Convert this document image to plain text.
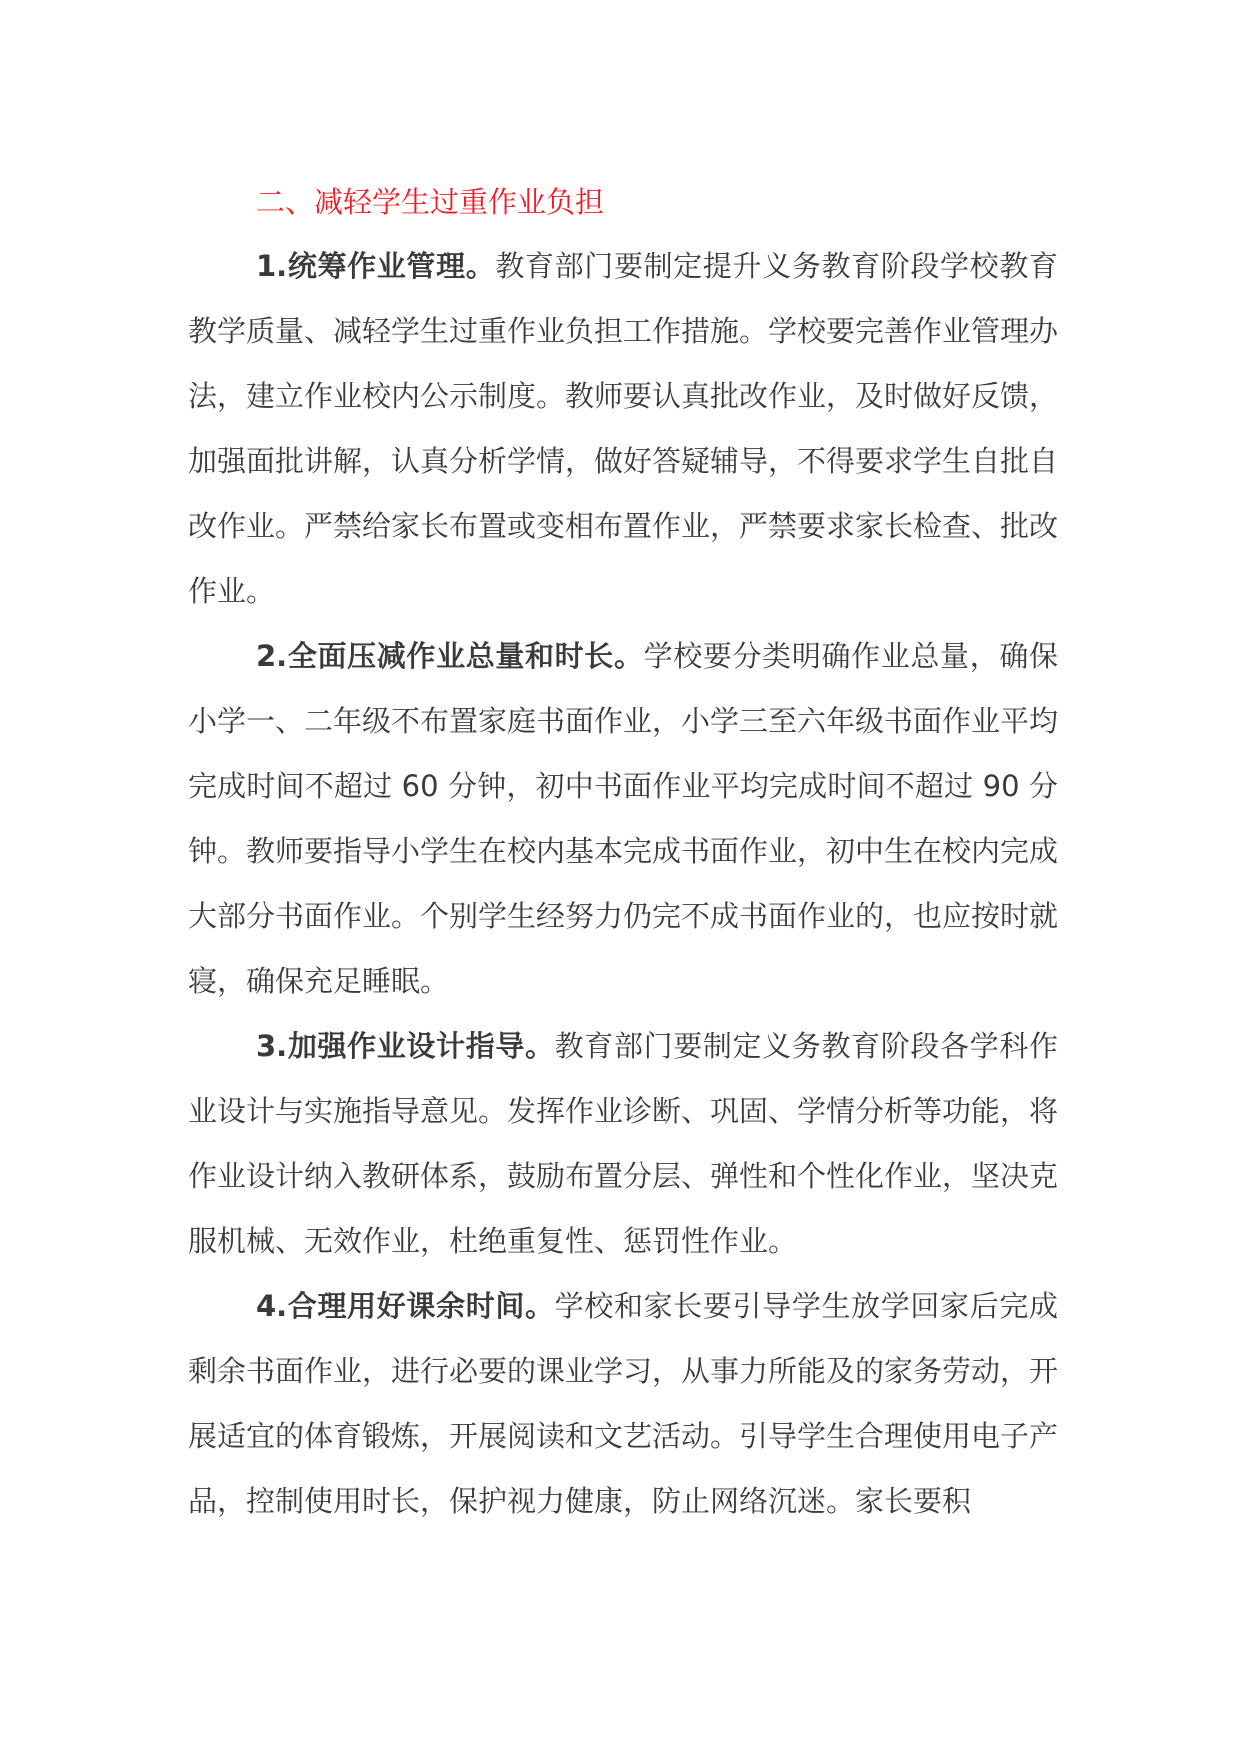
二、减轻学生过重作业负担

1.统筹作业管理。教育部门要制定提升义务教育阶段学校教育教学质量、减轻学生过重作业负担工作措施。学校要完善作业管理办法，建立作业校内公示制度。教师要认真批改作业，及时做好反馈，加强面批讲解，认真分析学情，做好答疑辅导，不得要求学生自批自改作业。严禁给家长布置或变相布置作业，严禁要求家长检查、批改作业。

2.全面压减作业总量和时长。学校要分类明确作业总量，确保小学一、二年级不布置家庭书面作业，小学三至六年级书面作业平均完成时间不超过 60 分钟，初中书面作业平均完成时间不超过 90 分钟。教师要指导小学生在校内基本完成书面作业，初中生在校内完成大部分书面作业。个别学生经努力仍完不成书面作业的，也应按时就寝，确保充足睡眠。

3.加强作业设计指导。教育部门要制定义务教育阶段各学科作业设计与实施指导意见。发挥作业诊断、巩固、学情分析等功能，将作业设计纳入教研体系，鼓励布置分层、弹性和个性化作业，坚决克服机械、无效作业，杜绝重复性、惩罚性作业。

4.合理用好课余时间。学校和家长要引导学生放学回家后完成剩余书面作业，进行必要的课业学习，从事力所能及的家务劳动，开展适宜的体育锻炼，开展阅读和文艺活动。引导学生合理使用电子产品，控制使用时长，保护视力健康，防止网络沉迷。家长要积
